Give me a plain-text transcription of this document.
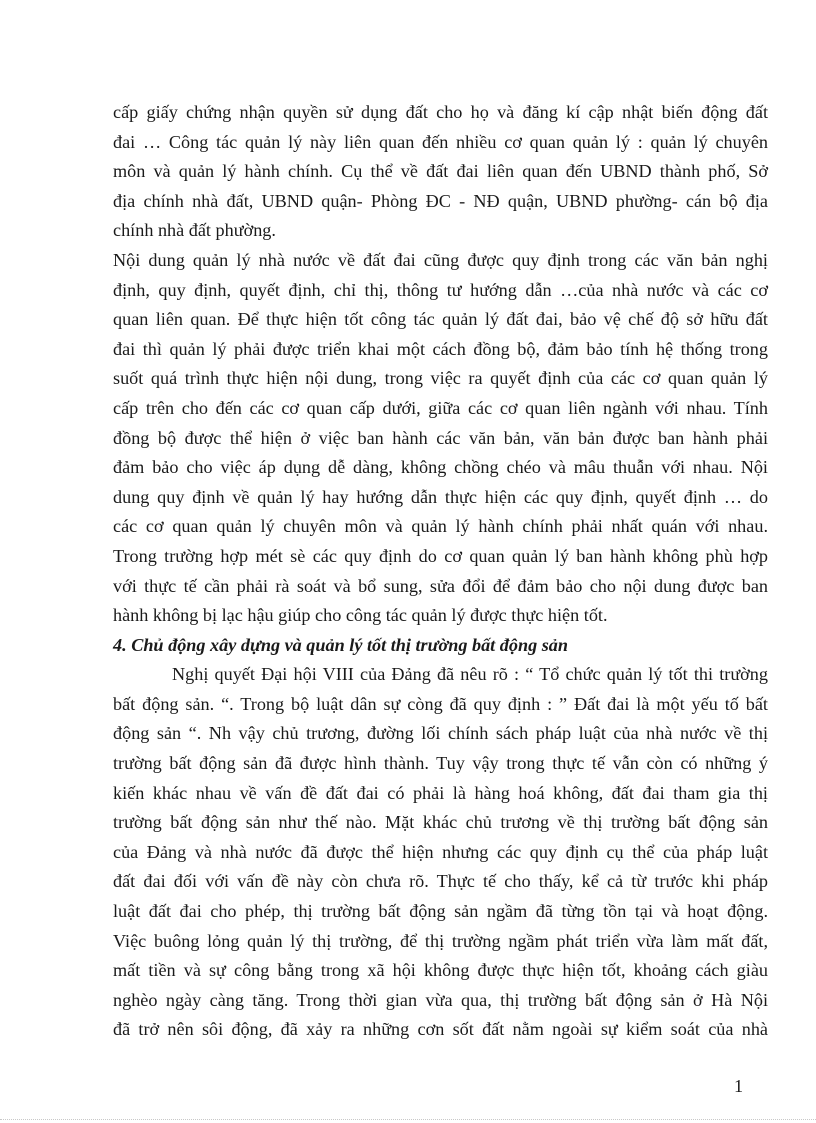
cấp giấy chứng nhận quyền sử dụng đất cho họ và đăng kí cập nhật biến động đất
đai … Công tác quản lý này liên quan đến nhiều cơ quan quản lý : quản lý chuyên
môn và quản lý hành chính. Cụ thể về đất đai liên quan đến UBND thành phố, Sở
địa chính nhà đất, UBND quận- Phòng ĐC - NĐ quận, UBND phường- cán bộ địa
chính nhà đất phường.
Nội dung quản lý nhà nước về đất đai cũng được quy định trong các văn bản nghị
định, quy định, quyết định, chỉ thị, thông tư hướng dẫn …của nhà nước và các cơ
quan liên quan. Để thực hiện tốt công tác quản lý đất đai, bảo vệ chế độ sở hữu đất
đai thì quản lý phải được triển khai một cách đồng bộ, đảm bảo tính hệ thống trong
suốt quá trình thực hiện nội dung, trong việc ra quyết định của các cơ quan quản lý
cấp trên cho đến các cơ quan cấp dưới, giữa các cơ quan liên ngành với nhau. Tính
đồng bộ được thể hiện ở việc ban hành các văn bản, văn bản được ban hành phải
đảm bảo cho việc áp dụng dễ dàng, không chồng chéo và mâu thuẫn với nhau. Nội
dung quy định về quản lý hay hướng dẫn thực hiện các quy định, quyết định … do
các cơ quan quản lý chuyên môn và quản lý hành chính phải nhất quán với nhau.
Trong trường hợp mét sè các quy định do cơ quan quản lý ban hành không phù hợp
với thực tế cần phải rà soát và bổ sung, sửa đổi để đảm bảo cho nội dung được ban
hành không bị lạc hậu giúp cho công tác quản lý được thực hiện tốt.
4. Chủ động xây dựng và quản lý tốt thị trường bất động sản
Nghị quyết Đại hội VIII của Đảng đã nêu rõ : “ Tổ chức quản lý tốt thi trường
bất động sản. “. Trong bộ luật dân sự còng đã quy định : ” Đất đai là một yếu tố bất
động sản “. Nh vậy chủ trương, đường lối chính sách pháp luật của nhà nước về thị
trường bất động sản đã được hình thành. Tuy vậy trong thực tế vẫn còn có những ý
kiến khác nhau về vấn đề đất đai có phải là hàng hoá không, đất đai tham gia thị
trường bất động sản như thế nào. Mặt khác chủ trương về thị trường bất động sản
của Đảng và nhà nước đã được thể hiện nhưng các quy định cụ thể của pháp luật
đất đai đối với vấn đề này còn chưa rõ. Thực tế cho thấy, kể cả từ trước khi pháp
luật đất đai cho phép, thị trường bất động sản ngầm đã từng tồn tại và hoạt động.
Việc buông lỏng quản lý thị trường, để thị trường ngầm phát triển vừa làm mất đất,
mất tiền và sự công bằng trong xã hội không được thực hiện tốt, khoảng cách giàu
nghèo ngày càng tăng. Trong thời gian vừa qua, thị trường bất động sản ở Hà Nội
đã trở nên sôi động, đã xảy ra những cơn sốt đất nằm ngoài sự kiểm soát của nhà
1
